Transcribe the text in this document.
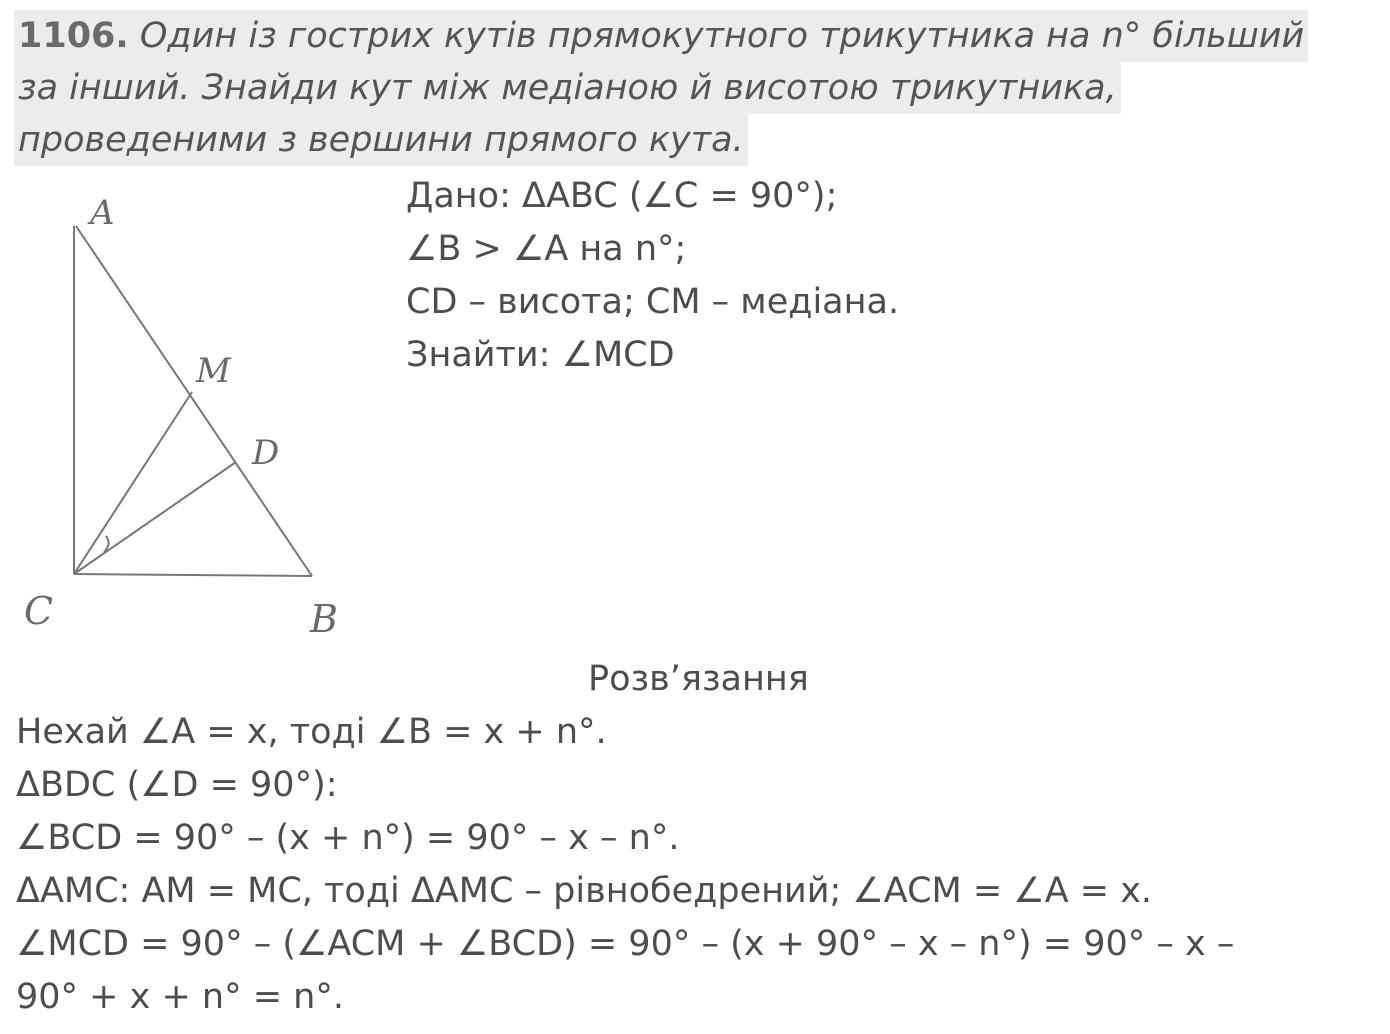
1106. Один із гострих кутів прямокутного трикутника на n° більший
за інший. Знайди кут між медіаною й висотою трикутника,
проведеними з вершини прямого кута.
A
M
D
C	B
Дано: ΔABC (∠C = 90°);
∠B > ∠A на n°;
CD – висота; CM – медіана.
Знайти: ∠MCD
Розв’язання
Нехай ∠A = x, тоді ∠B = x + n°.
ΔBDC (∠D = 90°):
∠BCD = 90° – (x + n°) = 90° – x – n°.
ΔAMC: AM = MC, тоді ΔAMC – рівнобедрений; ∠ACM = ∠A = x.
∠MCD = 90° – (∠ACM + ∠BCD) = 90° – (x + 90° – x – n°) = 90° – x –
90° + x + n° = n°.
